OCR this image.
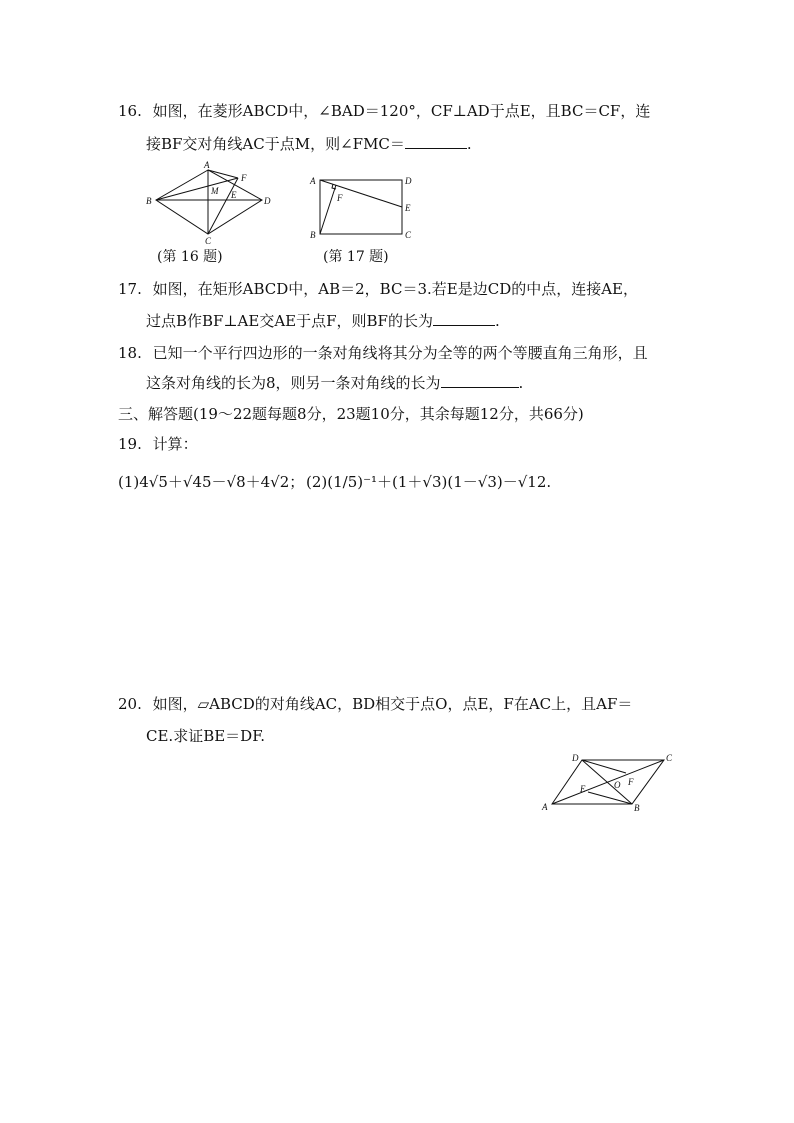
16. 如图，在菱形ABCD中，∠BAD＝120°，CF⊥AD于点E，且BC＝CF，连
接BF交对角线AC于点M，则∠FMC＝	.
A
B
C
D
M E
F
(第 16 题)
A
B	C
D
E
F
(第 17 题)
17. 如图，在矩形ABCD中，AB＝2，BC＝3.若E是边CD的中点，连接AE，
过点B作BF⊥AE交AE于点F，则BF的长为	.
18. 已知一个平行四边形的一条对角线将其分为全等的两个等腰直角三角形，且
这条对角线的长为8，则另一条对角线的长为	.
三、解答题(19～22题每题8分，23题10分，其余每题12分，共66分)
19. 计算：
(1)4√5＋√45－√8＋4√2； (2)(1/5)⁻¹＋(1＋√3)(1－√3)－√12.
20. 如图，▱ABCD的对角线AC，BD相交于点O，点E，F在AC上，且AF＝
CE.求证BE＝DF.
A	B
C
D
E
F
O
